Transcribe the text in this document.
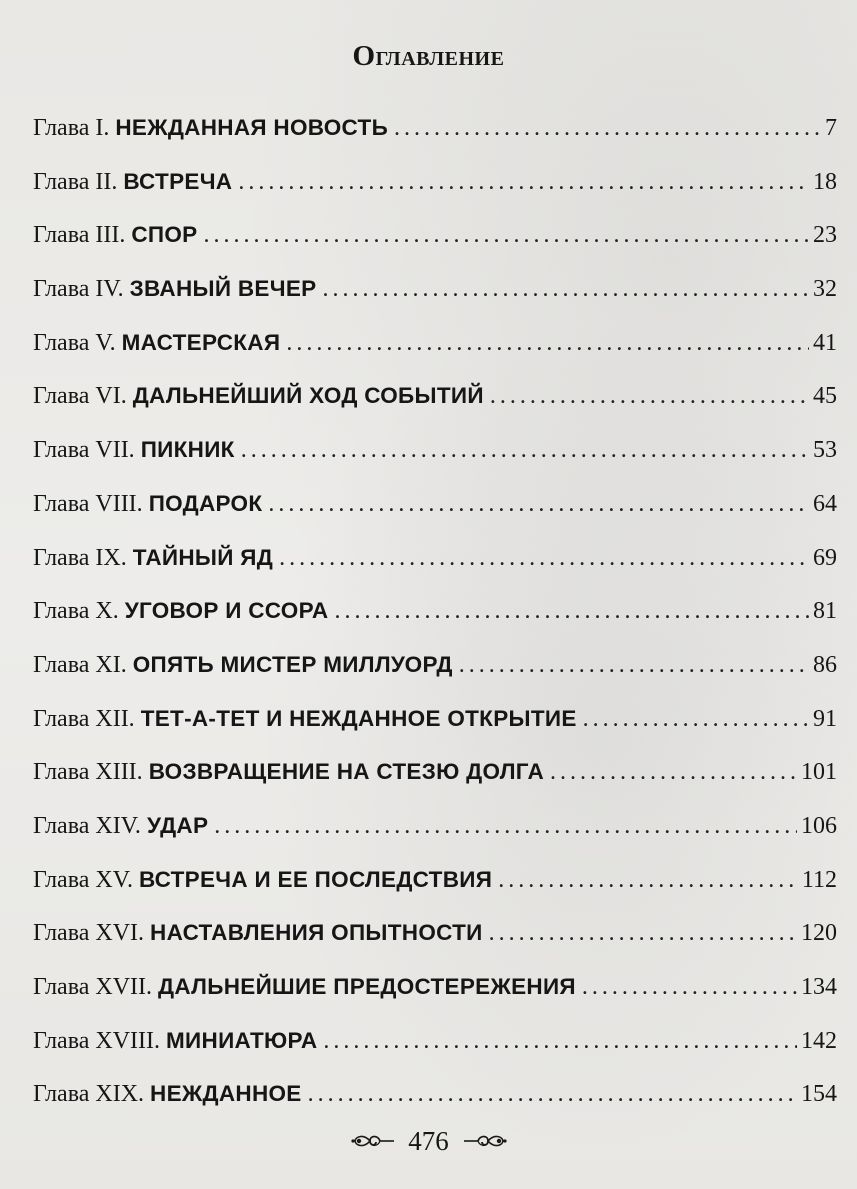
Оглавление
Глава I. НЕЖДАННАЯ НОВОСТЬ . . .	7
Глава II. ВСТРЕЧА . . .	18
Глава III. СПОР . . .	23
Глава IV. ЗВАНЫЙ ВЕЧЕР . . .	32
Глава V. МАСТЕРСКАЯ . . .	41
Глава VI. ДАЛЬНЕЙШИЙ ХОД СОБЫТИЙ . . .	45
Глава VII. ПИКНИК . . .	53
Глава VIII. ПОДАРОК . . .	64
Глава IX. ТАЙНЫЙ ЯД . . .	69
Глава X. УГОВОР И ССОРА . . .	81
Глава XI. ОПЯТЬ МИСТЕР МИЛЛУОРД . . .	86
Глава XII. ТЕТ-А-ТЕТ И НЕЖДАННОЕ ОТКРЫТИЕ . . .	91
Глава XIII. ВОЗВРАЩЕНИЕ НА СТЕЗЮ ДОЛГА . . .	101
Глава XIV. УДАР . . .	106
Глава XV. ВСТРЕЧА И ЕЕ ПОСЛЕДСТВИЯ . . .	112
Глава XVI. НАСТАВЛЕНИЯ ОПЫТНОСТИ . . .	120
Глава XVII. ДАЛЬНЕЙШИЕ ПРЕДОСТЕРЕЖЕНИЯ . . .	134
Глава XVIII. МИНИАТЮРА . . .	142
Глава XIX. НЕЖДАННОЕ . . .	154
476
